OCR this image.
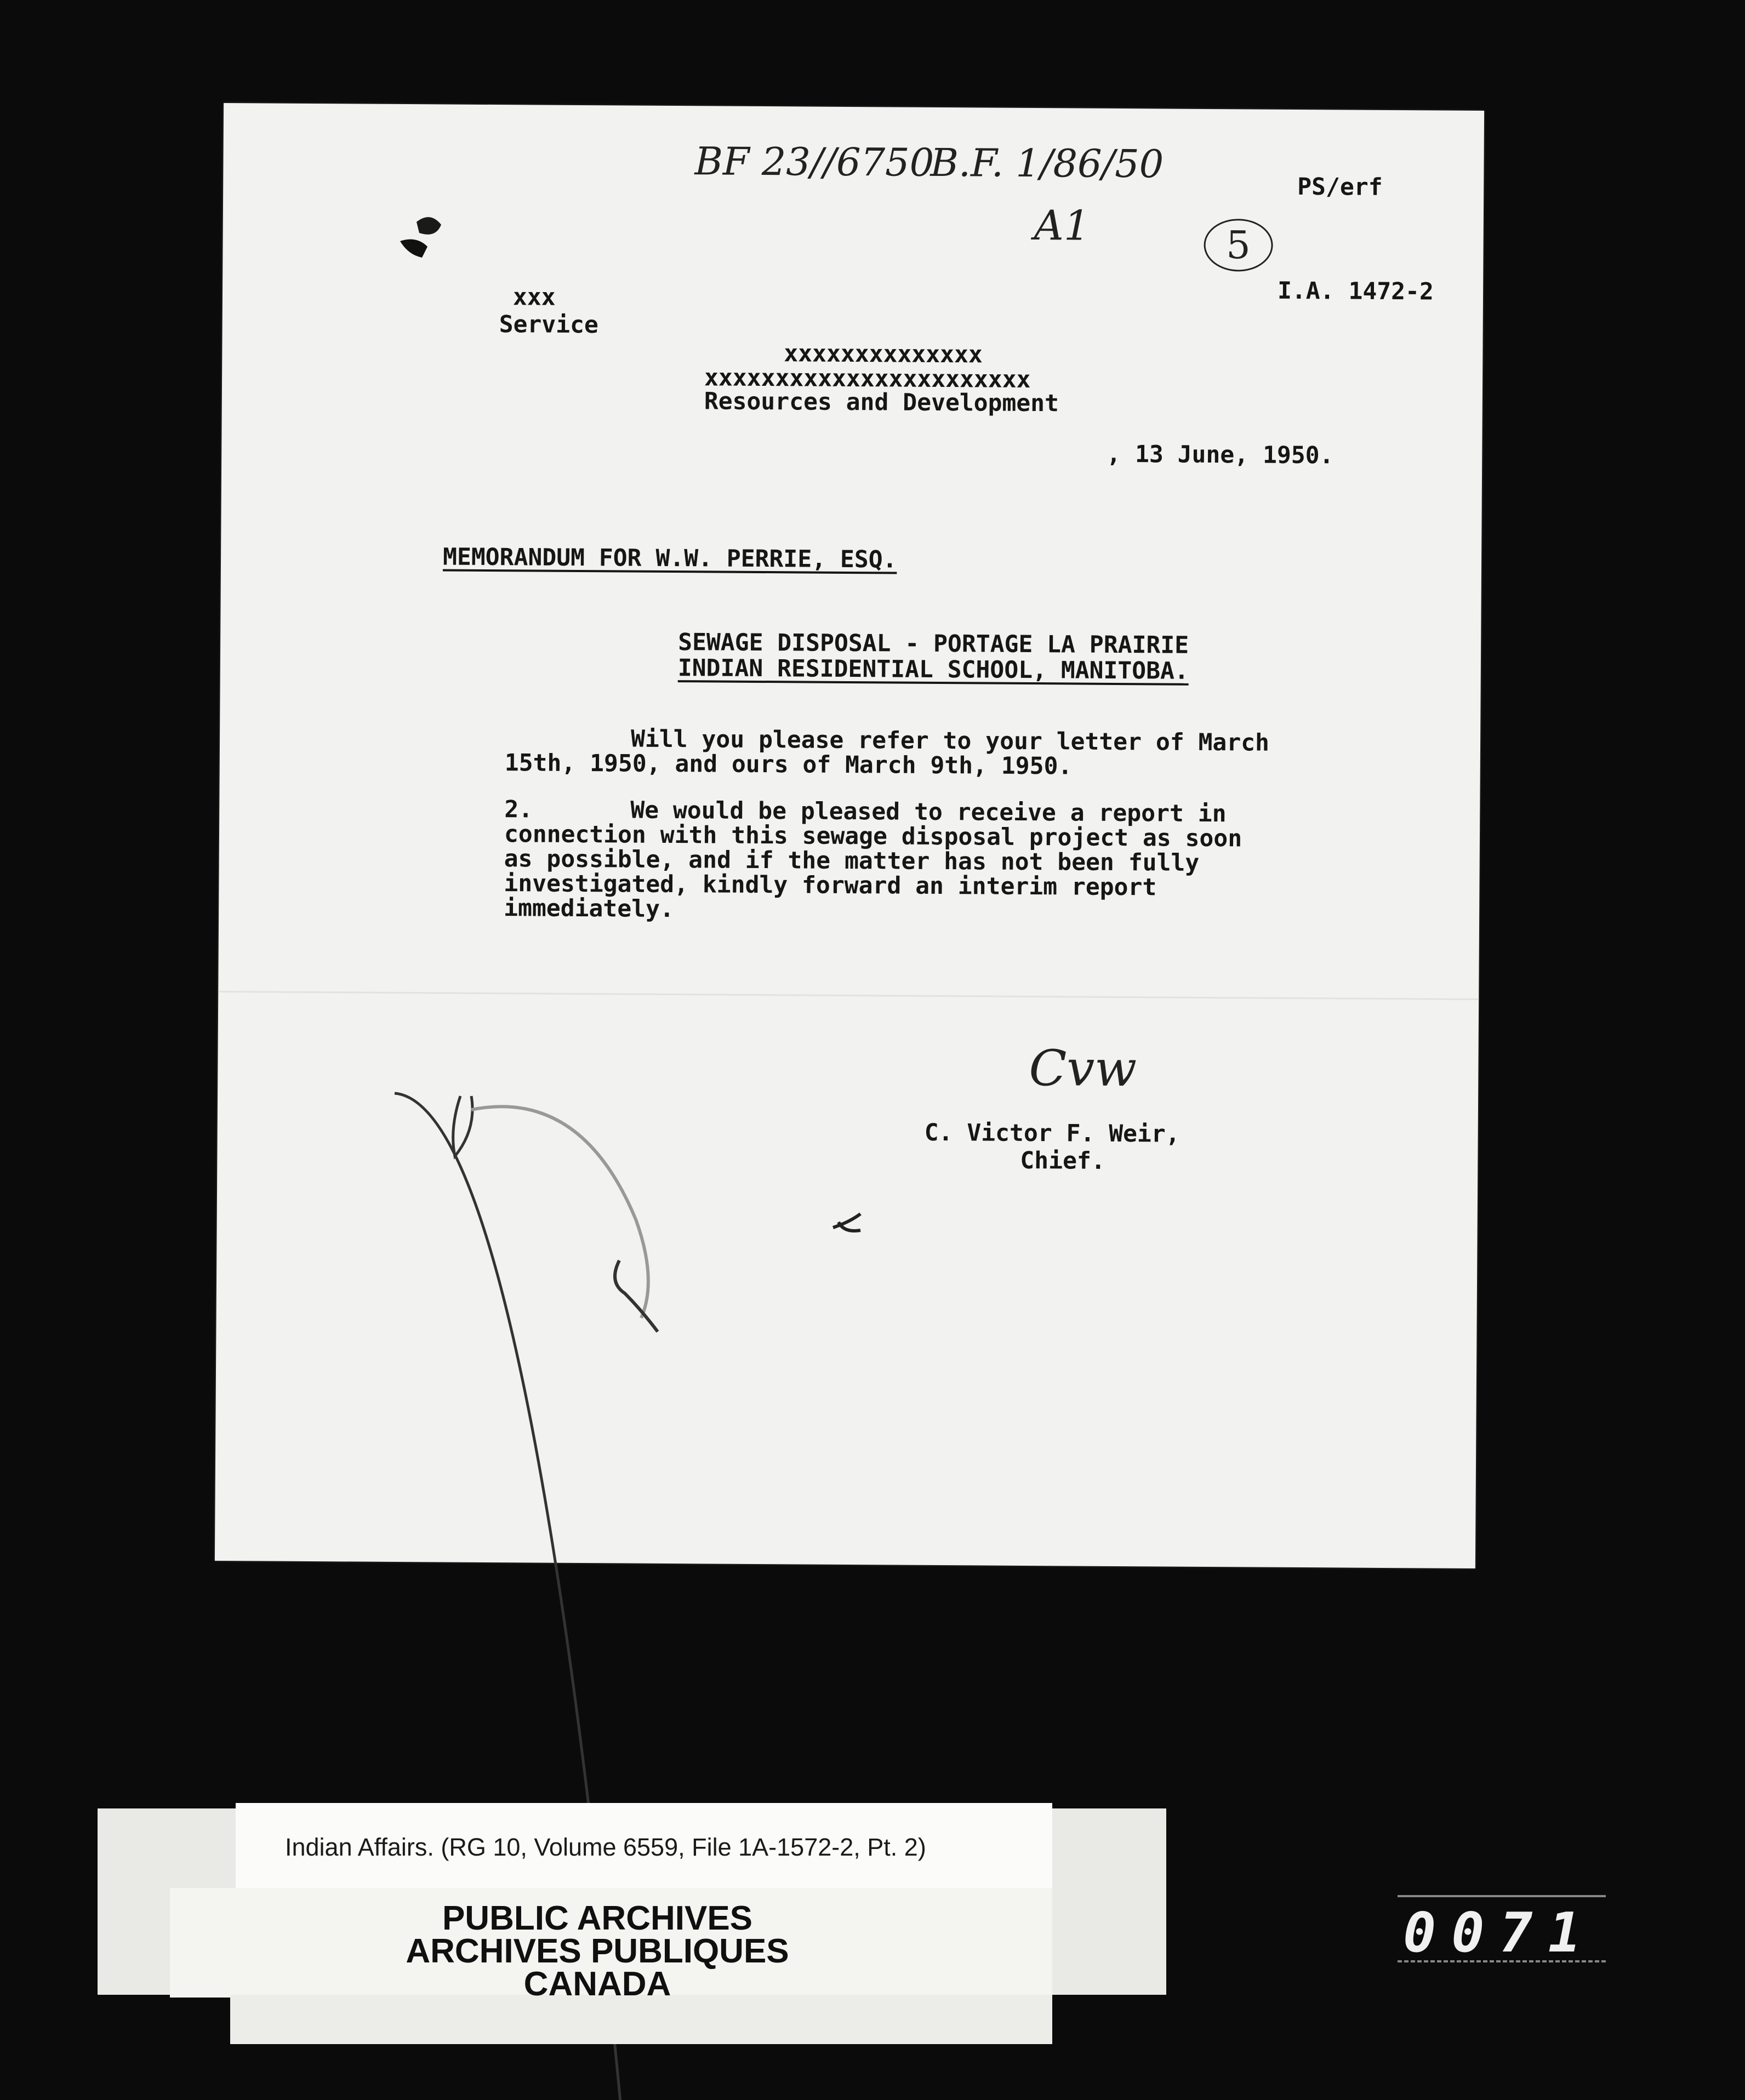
BF 23//6750
B.F. 1/86/50
A1	5
PS/erf
I.A. 1472-2
xxx
Service
xxxxxxxxxxxxxx
xxxxxxxxxxxxxxxxxxxxxxx
Resources and Development
, 13 June, 1950.
MEMORANDUM FOR W.W. PERRIE, ESQ.
SEWAGE DISPOSAL - PORTAGE LA PRAIRIE
INDIAN RESIDENTIAL SCHOOL, MANITOBA.
Will you please refer to your letter of March
15th, 1950, and ours of March 9th, 1950.
2.	We would be pleased to receive a report in
connection with this sewage disposal project as soon
as possible, and if the matter has not been fully
investigated, kindly forward an interim report
immediately.
Cvw
C. Victor F. Weir,
Chief.
Indian Affairs. (RG 10, Volume 6559, File 1A-1572-2, Pt. 2)
PUBLIC ARCHIVES
ARCHIVES PUBLIQUES
CANADA
0071
